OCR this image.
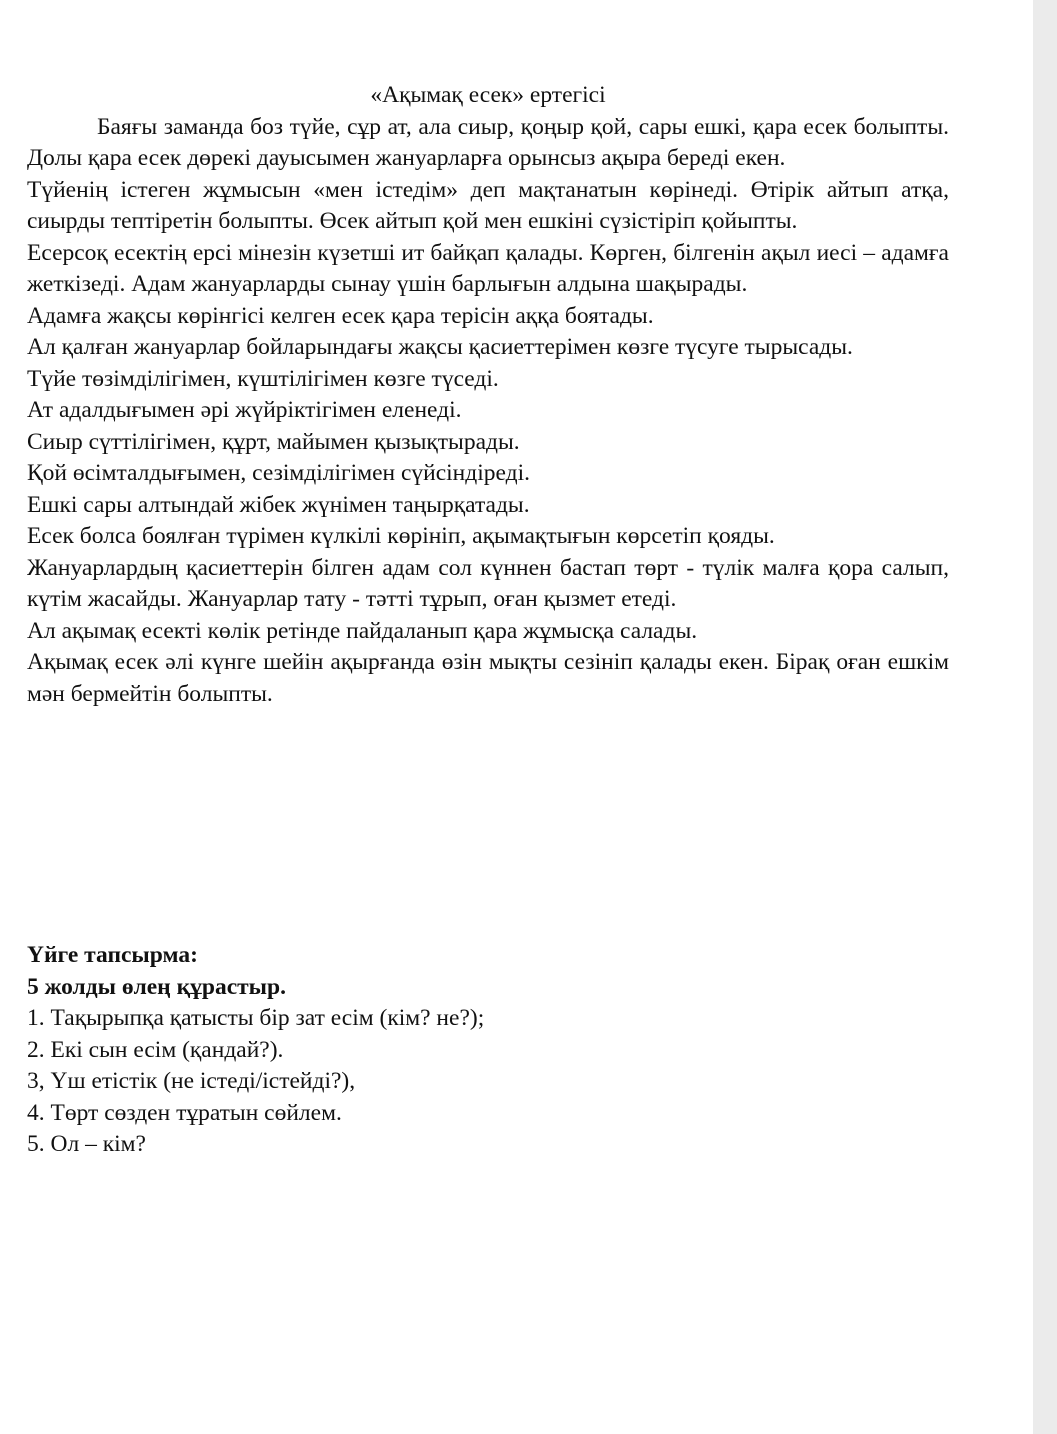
«Ақымақ есек» ертегісі

Баяғы заманда боз түйе, сұр ат, ала сиыр, қоңыр қой, сары ешкі, қара есек болыпты. Долы қара есек дөрекі дауысымен жануарларға орынсыз ақыра береді екен.

Түйенің істеген жұмысын «мен істедім» деп мақтанатын көрінеді. Өтірік айтып атқа, сиырды тептіретін болыпты. Өсек айтып қой мен ешкіні сүзістіріп қойыпты.

Есерсоқ есектің ерсі мінезін күзетші ит байқап қалады. Көрген, білгенін ақыл иесі – адамға жеткізеді. Адам жануарларды сынау үшін барлығын алдына шақырады.

Адамға жақсы көрінгісі келген есек қара терісін аққа боятады.

Ал қалған жануарлар бойларындағы жақсы қасиеттерімен көзге түсуге тырысады.

Түйе төзімділігімен, күштілігімен көзге түседі.

Ат адалдығымен әрі жүйріктігімен еленеді.

Сиыр сүттілігімен, құрт, майымен қызықтырады.

Қой өсімталдығымен, сезімділігімен сүйсіндіреді.

Ешкі сары алтындай жібек жүнімен таңырқатады.

Есек болса боялған түрімен күлкілі көрініп, ақымақтығын көрсетіп қояды.

Жануарлардың қасиеттерін білген адам сол күннен бастап төрт - түлік малға қора салып, күтім жасайды. Жануарлар тату - тәтті тұрып, оған қызмет етеді.

Ал ақымақ есекті көлік ретінде пайдаланып қара жұмысқа салады.

Ақымақ есек әлі күнге шейін ақырғанда өзін мықты сезініп қалады екен. Бірақ оған ешкім мән бермейтін болыпты.

Үйге тапсырма:

5 жолды өлең құрастыр.

1. Тақырыпқа қатысты бір зат есім (кім? не?);

2. Екі сын есім (қандай?).

3, Үш етістік (не істеді/істейді?),

4. Төрт сөзден тұратын сөйлем.

5. Ол – кім?
